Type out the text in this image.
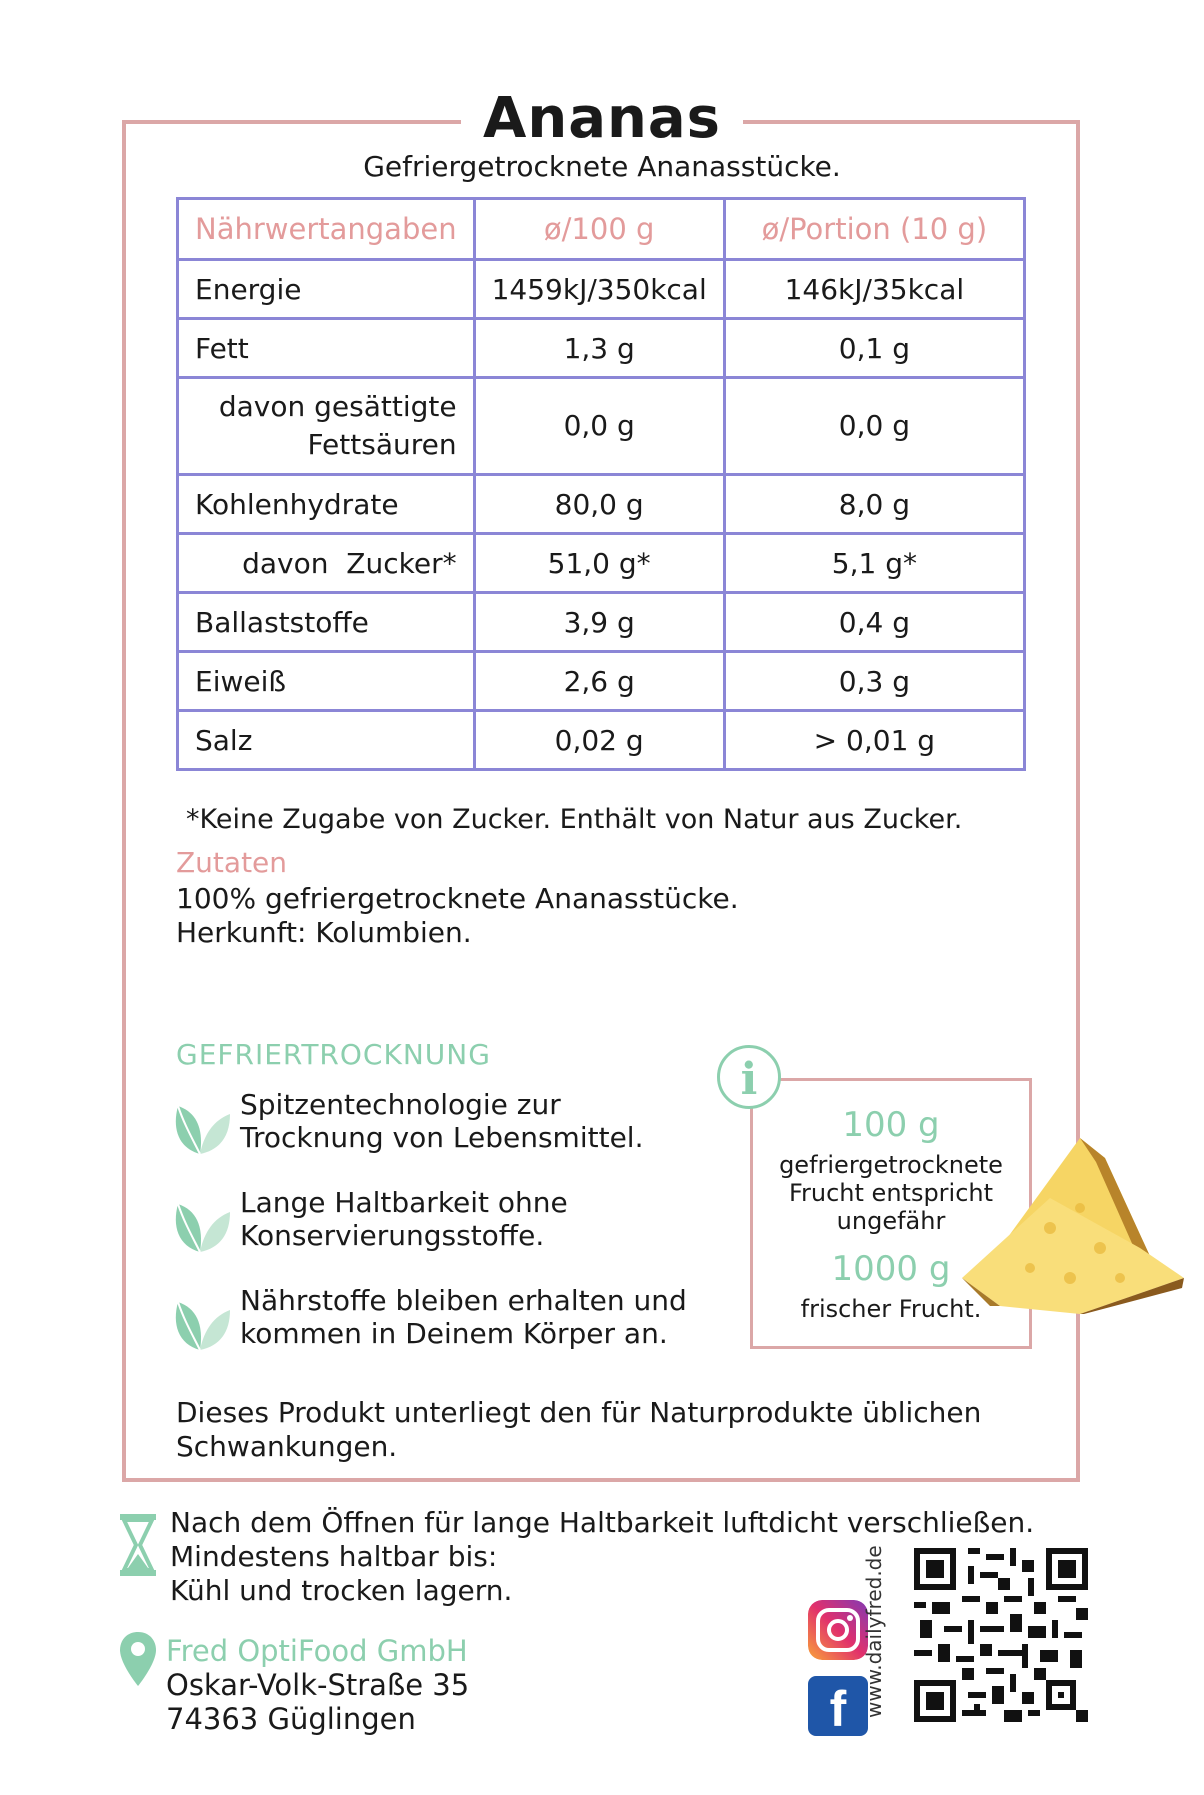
Ananas
Gefriergetrocknete Ananasstücke.
Nährwertangaben	ø/100 g	ø/Portion (10 g)
Energie	1459kJ/350kcal	146kJ/35kcal
Fett	1,3 g	0,1 g
davon gesättigte
Fettsäuren	0,0 g	0,0 g
Kohlenhydrate	80,0 g	8,0 g
davon  Zucker*	51,0 g*	5,1 g*
Ballaststoffe	3,9 g	0,4 g
Eiweiß	2,6 g	0,3 g
Salz	0,02 g	> 0,01 g
*Keine Zugabe von Zucker. Enthält von Natur aus Zucker.
Zutaten
100% gefriergetrocknete Ananasstücke.
Herkunft: Kolumbien.
GEFRIERTROCKNUNG
Spitzentechnologie zur
Trocknung von Lebensmittel.
Lange Haltbarkeit ohne
Konservierungsstoffe.
Nährstoffe bleiben erhalten und
kommen in Deinem Körper an.
100 g
gefriergetrocknete
Frucht entspricht
ungefähr
1000 g
frischer Frucht.
i
Dieses Produkt unterliegt den für Naturprodukte üblichen Schwankungen.
Nach dem Öffnen für lange Haltbarkeit luftdicht verschließen.
Mindestens haltbar bis:
Kühl und trocken lagern.
Fred OptiFood GmbH
Oskar-Volk-Straße 35
74363 Güglingen	f www.dailyfred.de
